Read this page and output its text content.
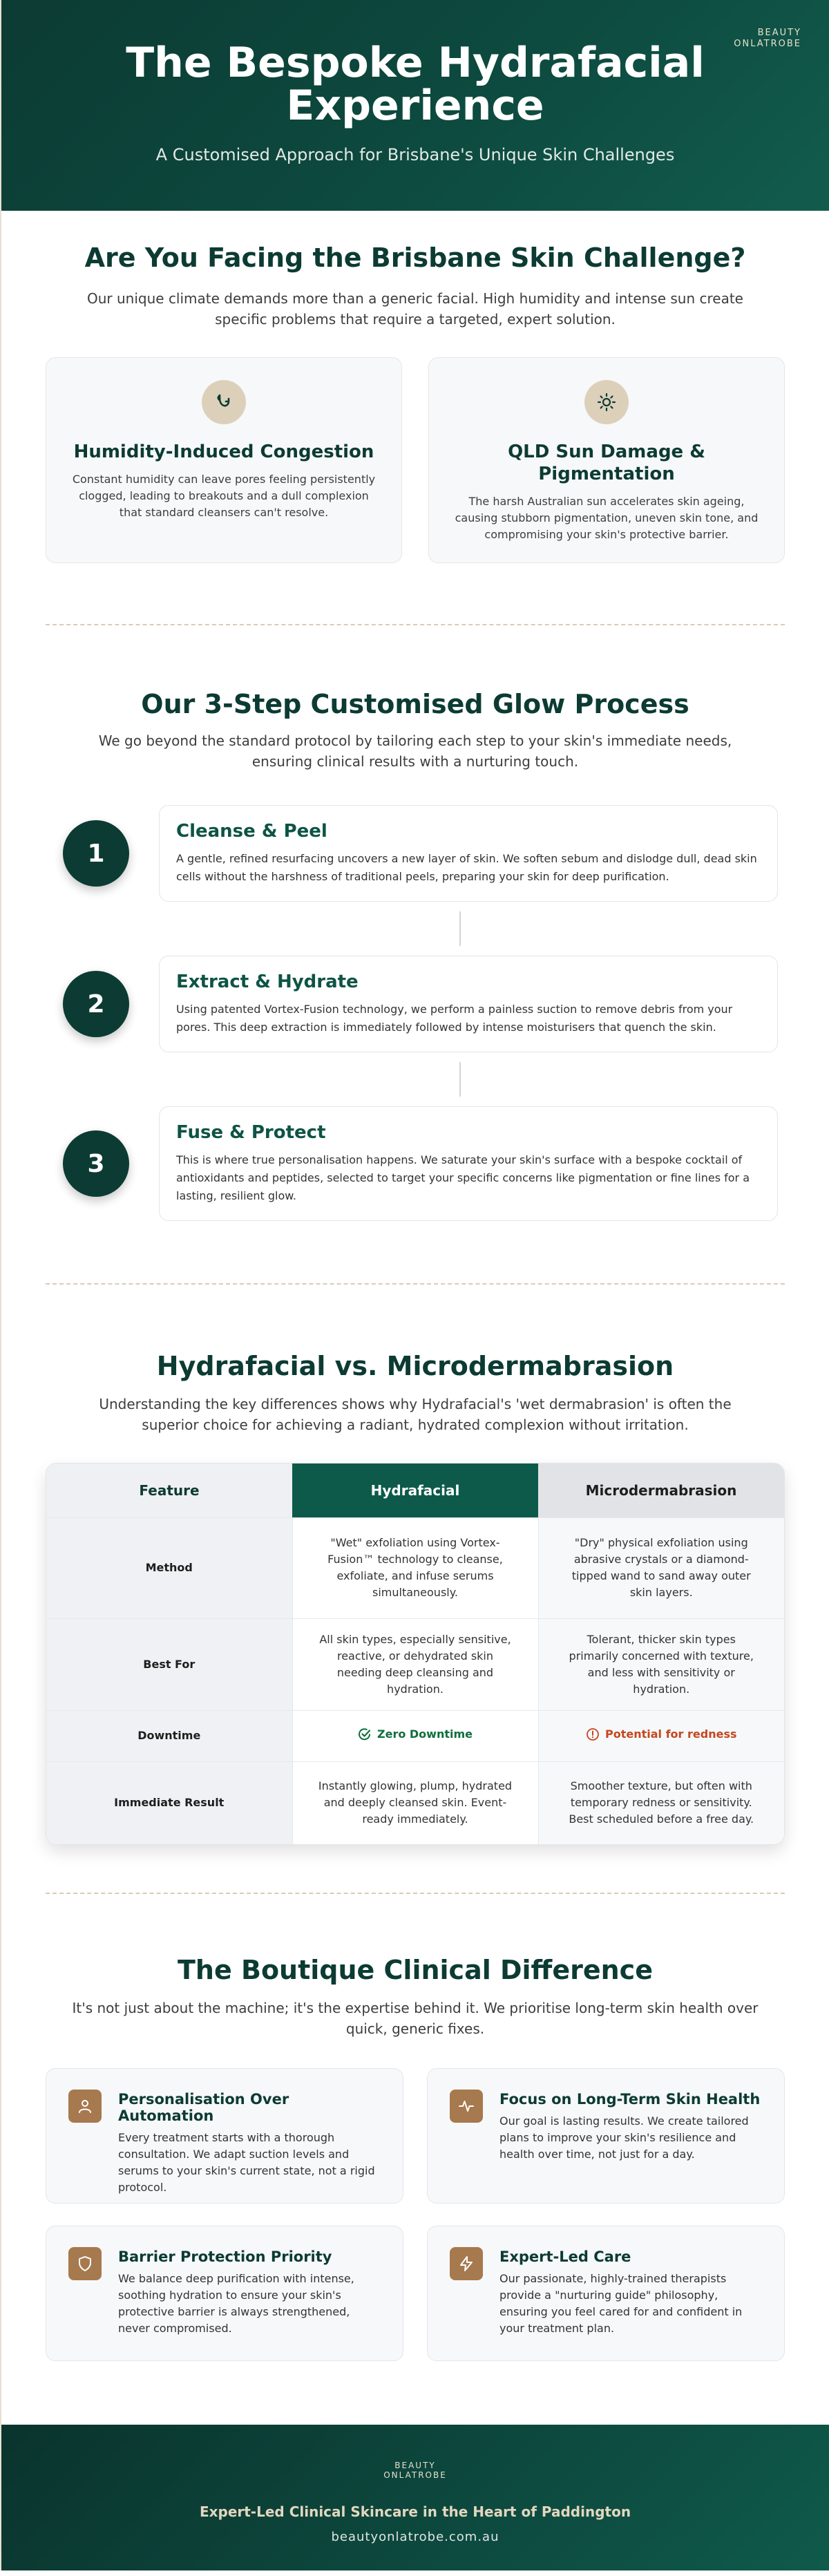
BEAUTY
ONLATROBE
The Bespoke Hydrafacial Experience

A Customised Approach for Brisbane's Unique Skin Challenges

Are You Facing the Brisbane Skin Challenge?

Our unique climate demands more than a generic facial. High humidity and intense sun create specific problems that require a targeted, expert solution.

Humidity-Induced Congestion

Constant humidity can leave pores feeling persistently clogged, leading to breakouts and a dull complexion that standard cleansers can't resolve.

QLD Sun Damage & Pigmentation

The harsh Australian sun accelerates skin ageing, causing stubborn pigmentation, uneven skin tone, and compromising your skin's protective barrier.

Our 3-Step Customised Glow Process

We go beyond the standard protocol by tailoring each step to your skin's immediate needs, ensuring clinical results with a nurturing touch.

1
Cleanse & Peel

A gentle, refined resurfacing uncovers a new layer of skin. We soften sebum and dislodge dull, dead skin cells without the harshness of traditional peels, preparing your skin for deep purification.

2
Extract & Hydrate

Using patented Vortex-Fusion technology, we perform a painless suction to remove debris from your pores. This deep extraction is immediately followed by intense moisturisers that quench the skin.

3
Fuse & Protect

This is where true personalisation happens. We saturate your skin's surface with a bespoke cocktail of antioxidants and peptides, selected to target your specific concerns like pigmentation or fine lines for a lasting, resilient glow.

Hydrafacial vs. Microdermabrasion

Understanding the key differences shows why Hydrafacial's 'wet dermabrasion' is often the superior choice for achieving a radiant, hydrated complexion without irritation.

Feature	Hydrafacial	Microdermabrasion
Method	"Wet" exfoliation using Vortex-Fusion™ technology to cleanse, exfoliate, and infuse serums simultaneously.	"Dry" physical exfoliation using abrasive crystals or a diamond-tipped wand to sand away outer skin layers.
Best For	All skin types, especially sensitive, reactive, or dehydrated skin needing deep cleansing and hydration.	Tolerant, thicker skin types primarily concerned with texture, and less with sensitivity or hydration.
Downtime	Zero Downtime	Potential for redness

Immediate Result	Instantly glowing, plump, hydrated and deeply cleansed skin. Event-ready immediately.	Smoother texture, but often with temporary redness or sensitivity. Best scheduled before a free day.
The Boutique Clinical Difference

It's not just about the machine; it's the expertise behind it. We prioritise long-term skin health over quick, generic fixes.

Personalisation Over Automation

Every treatment starts with a thorough consultation. We adapt suction levels and serums to your skin's current state, not a rigid protocol.

Focus on Long-Term Skin Health

Our goal is lasting results. We create tailored plans to improve your skin's resilience and health over time, not just for a day.

Barrier Protection Priority

We balance deep purification with intense, soothing hydration to ensure your skin's protective barrier is always strengthened, never compromised.

Expert-Led Care

Our passionate, highly-trained therapists provide a "nurturing guide" philosophy, ensuring you feel cared for and confident in your treatment plan.

BEAUTY
ONLATROBE

Expert-Led Clinical Skincare in the Heart of Paddington

beautyonlatrobe.com.au
